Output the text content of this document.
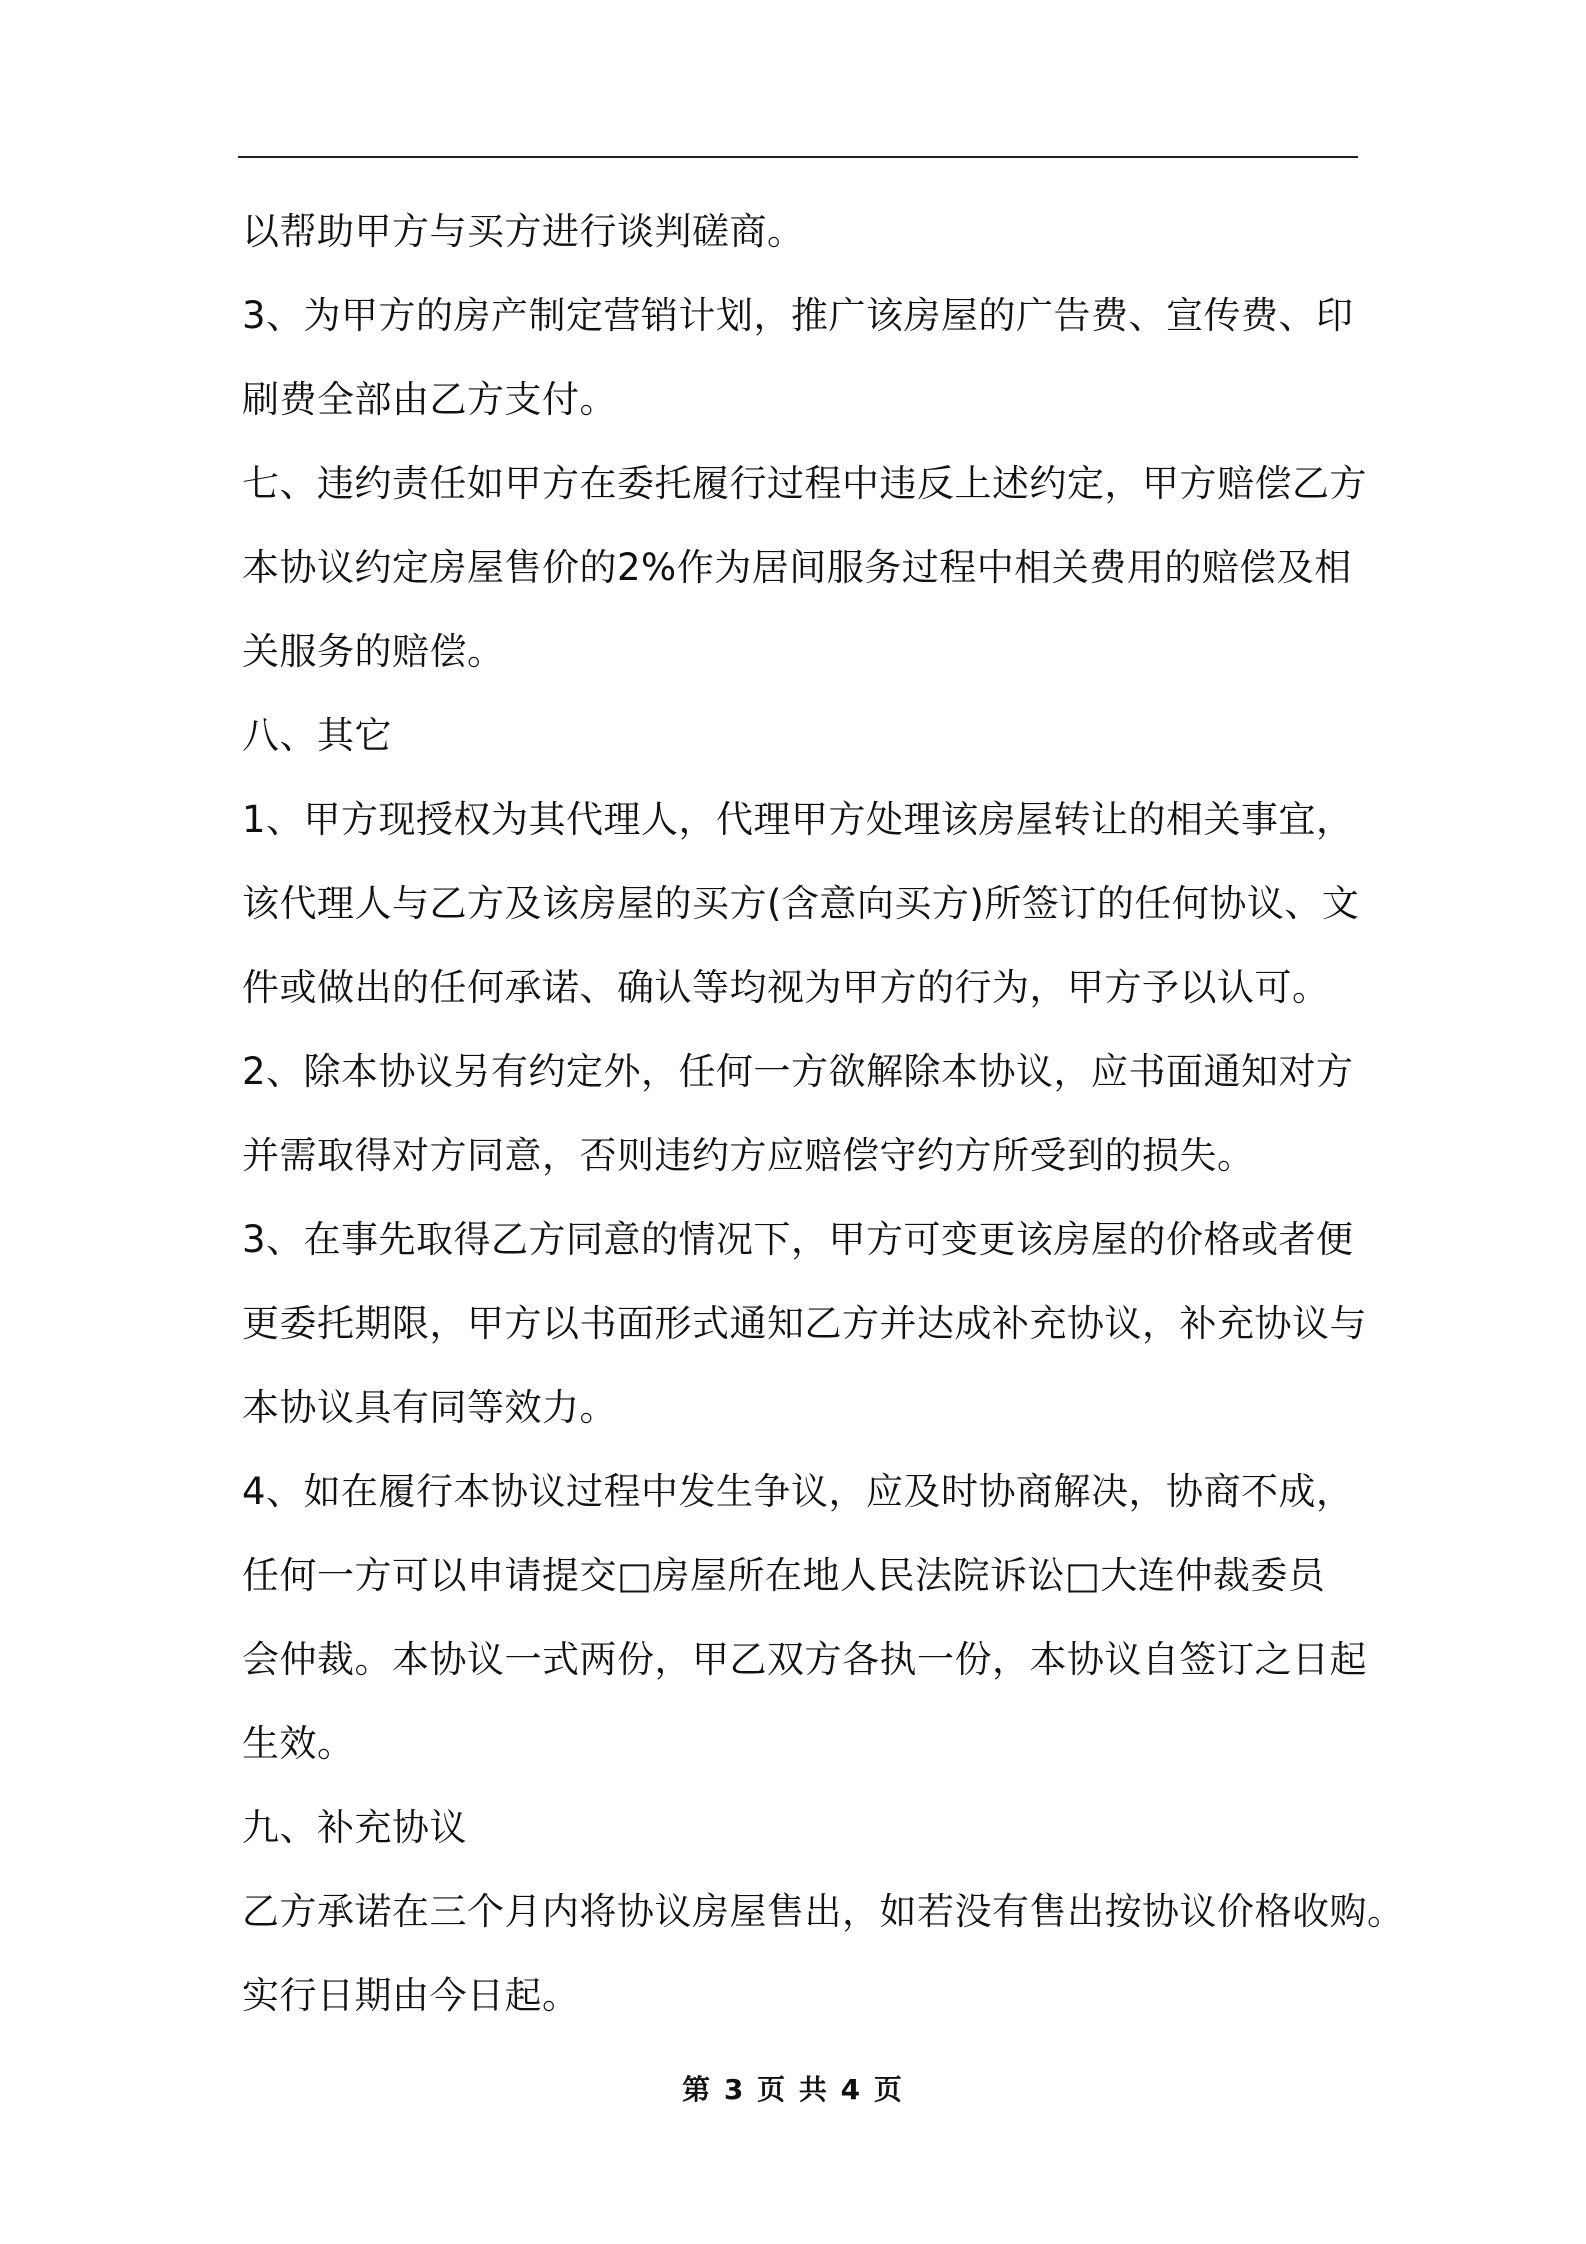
以帮助甲方与买方进行谈判磋商。
3、为甲方的房产制定营销计划，推广该房屋的广告费、宣传费、印
刷费全部由乙方支付。
七、违约责任如甲方在委托履行过程中违反上述约定，甲方赔偿乙方
本协议约定房屋售价的2%作为居间服务过程中相关费用的赔偿及相
关服务的赔偿。
八、其它
1、甲方现授权为其代理人，代理甲方处理该房屋转让的相关事宜，
该代理人与乙方及该房屋的买方(含意向买方)所签订的任何协议、文
件或做出的任何承诺、确认等均视为甲方的行为，甲方予以认可。
2、除本协议另有约定外，任何一方欲解除本协议，应书面通知对方
并需取得对方同意，否则违约方应赔偿守约方所受到的损失。
3、在事先取得乙方同意的情况下，甲方可变更该房屋的价格或者便
更委托期限，甲方以书面形式通知乙方并达成补充协议，补充协议与
本协议具有同等效力。
4、如在履行本协议过程中发生争议，应及时协商解决，协商不成，
任何一方可以申请提交□房屋所在地人民法院诉讼□大连仲裁委员
会仲裁。本协议一式两份，甲乙双方各执一份，本协议自签订之日起
生效。
九、补充协议
乙方承诺在三个月内将协议房屋售出，如若没有售出按协议价格收购。
实行日期由今日起。
第 3 页 共 4 页
